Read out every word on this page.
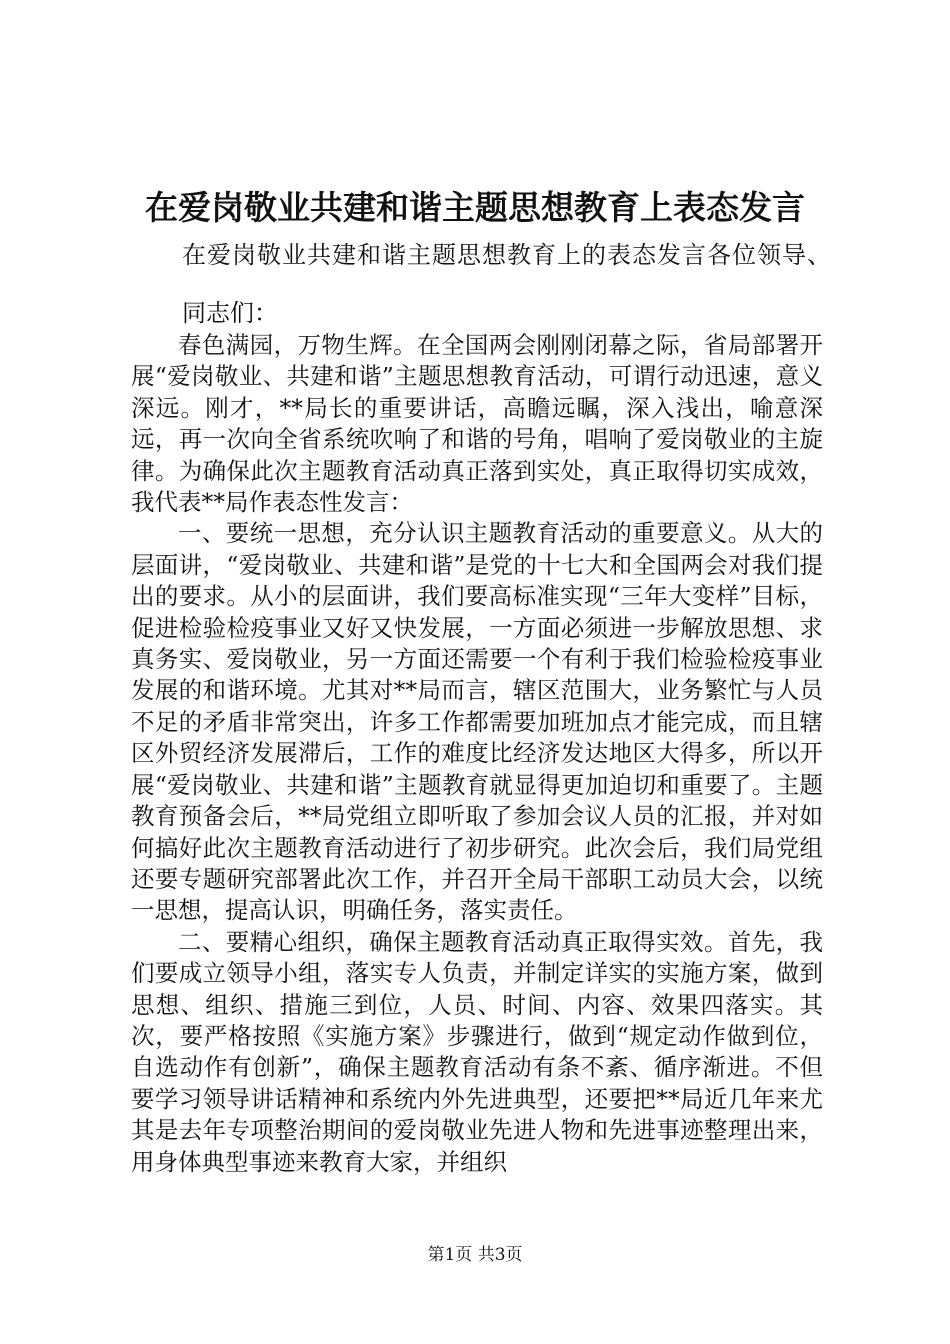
在爱岗敬业共建和谐主题思想教育上表态发言
在爱岗敬业共建和谐主题思想教育上的表态发言各位领导、
同志们：

春色满园，万物生辉。在全国两会刚刚闭幕之际，省局部署开展“爱岗敬业、共建和谐”主题思想教育活动，可谓行动迅速，意义深远。刚才，**局长的重要讲话，高瞻远瞩，深入浅出，喻意深远，再一次向全省系统吹响了和谐的号角，唱响了爱岗敬业的主旋律。为确保此次主题教育活动真正落到实处，真正取得切实成效，我代表**局作表态性发言：

一、要统一思想，充分认识主题教育活动的重要意义。从大的层面讲，“爱岗敬业、共建和谐”是党的十七大和全国两会对我们提出的要求。从小的层面讲，我们要高标准实现“三年大变样”目标，促进检验检疫事业又好又快发展，一方面必须进一步解放思想、求真务实、爱岗敬业，另一方面还需要一个有利于我们检验检疫事业发展的和谐环境。尤其对**局而言，辖区范围大，业务繁忙与人员不足的矛盾非常突出，许多工作都需要加班加点才能完成，而且辖区外贸经济发展滞后，工作的难度比经济发达地区大得多，所以开展“爱岗敬业、共建和谐”主题教育就显得更加迫切和重要了。主题教育预备会后，**局党组立即听取了参加会议人员的汇报，并对如何搞好此次主题教育活动进行了初步研究。此次会后，我们局党组还要专题研究部署此次工作，并召开全局干部职工动员大会，以统一思想，提高认识，明确任务，落实责任。

二、要精心组织，确保主题教育活动真正取得实效。首先，我们要成立领导小组，落实专人负责，并制定详实的实施方案，做到思想、组织、措施三到位，人员、时间、内容、效果四落实。其次，要严格按照《实施方案》步骤进行，做到“规定动作做到位，自选动作有创新”，确保主题教育活动有条不紊、循序渐进。不但要学习领导讲话精神和系统内外先进典型，还要把**局近几年来尤其是去年专项整治期间的爱岗敬业先进人物和先进事迹整理出来，用身体典型事迹来教育大家，并组织

第1页 共3页
